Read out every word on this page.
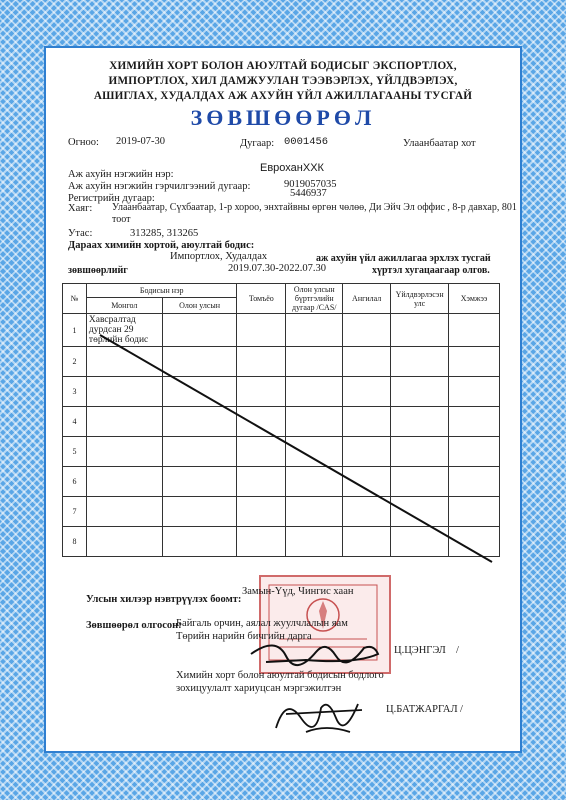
ХИМИЙН ХОРТ БОЛОН АЮУЛТАЙ БОДИСЫГ ЭКСПОРТЛОХ,
ИМПОРТЛОХ, ХИЛ ДАМЖУУЛАН ТЭЭВЭРЛЭХ, ҮЙЛДВЭРЛЭХ,
АШИГЛАХ, ХУДАЛДАХ АЖ АХУЙН ҮЙЛ АЖИЛЛАГААНЫ ТУСГАЙ
ЗӨВШӨӨРӨЛ
Огноо: 2019-07-30	Дугаар: 0001456	Улаанбаатар хот
ЕвроханХХК
Аж ахуйн нэгжийн нэр:
Аж ахуйн нэгжийн гэрчилгээний дугаар:	9019057035
Регистрийн дугаар:	5446937
Хаяг: Улаанбаатар, Сүхбаатар, 1-р хороо, энхтайвны өргөн чөлөө, Ди Эйч Эл оффис , 8-р давхар, 801
тоот
Утас:	313285, 313265
Дараах химийн хортой, аюултай бодис:
Импортлох, Худалдах	аж ахуйн үйл ажиллагаа эрхлэх тусгай
зөвшөөрлийг	2019.07.30-2022.07.30	хүртэл хугацаагаар олгов.
№	Бодисын нэр		Томъёо	Олон улсын бүртгэлийн дугаар /CAS/	Ангилал	Үйлдвэрлэсэн улс	Хэмжээ
	Монгол	Олон улсын					
1	Хавсралтад дурдсан 29 төрлийн бодис						
2							
3							
4							
5							
6							
7							
8							
Улсын хилээр нэвтрүүлэх боомт:
Замын-Үүд, Чингис хаан
Зөвшөөрөл олгосон:
Байгаль орчин, аялал жуулчлалын яам
Төрийн нарийн бичгийн дарга
Ц.ЦЭНГЭЛ /
Химийн хорт болон аюултай бодисын бодлого
зохицуулалт хариуцсан мэргэжилтэн
Ц.БАТЖАРГАЛ /
